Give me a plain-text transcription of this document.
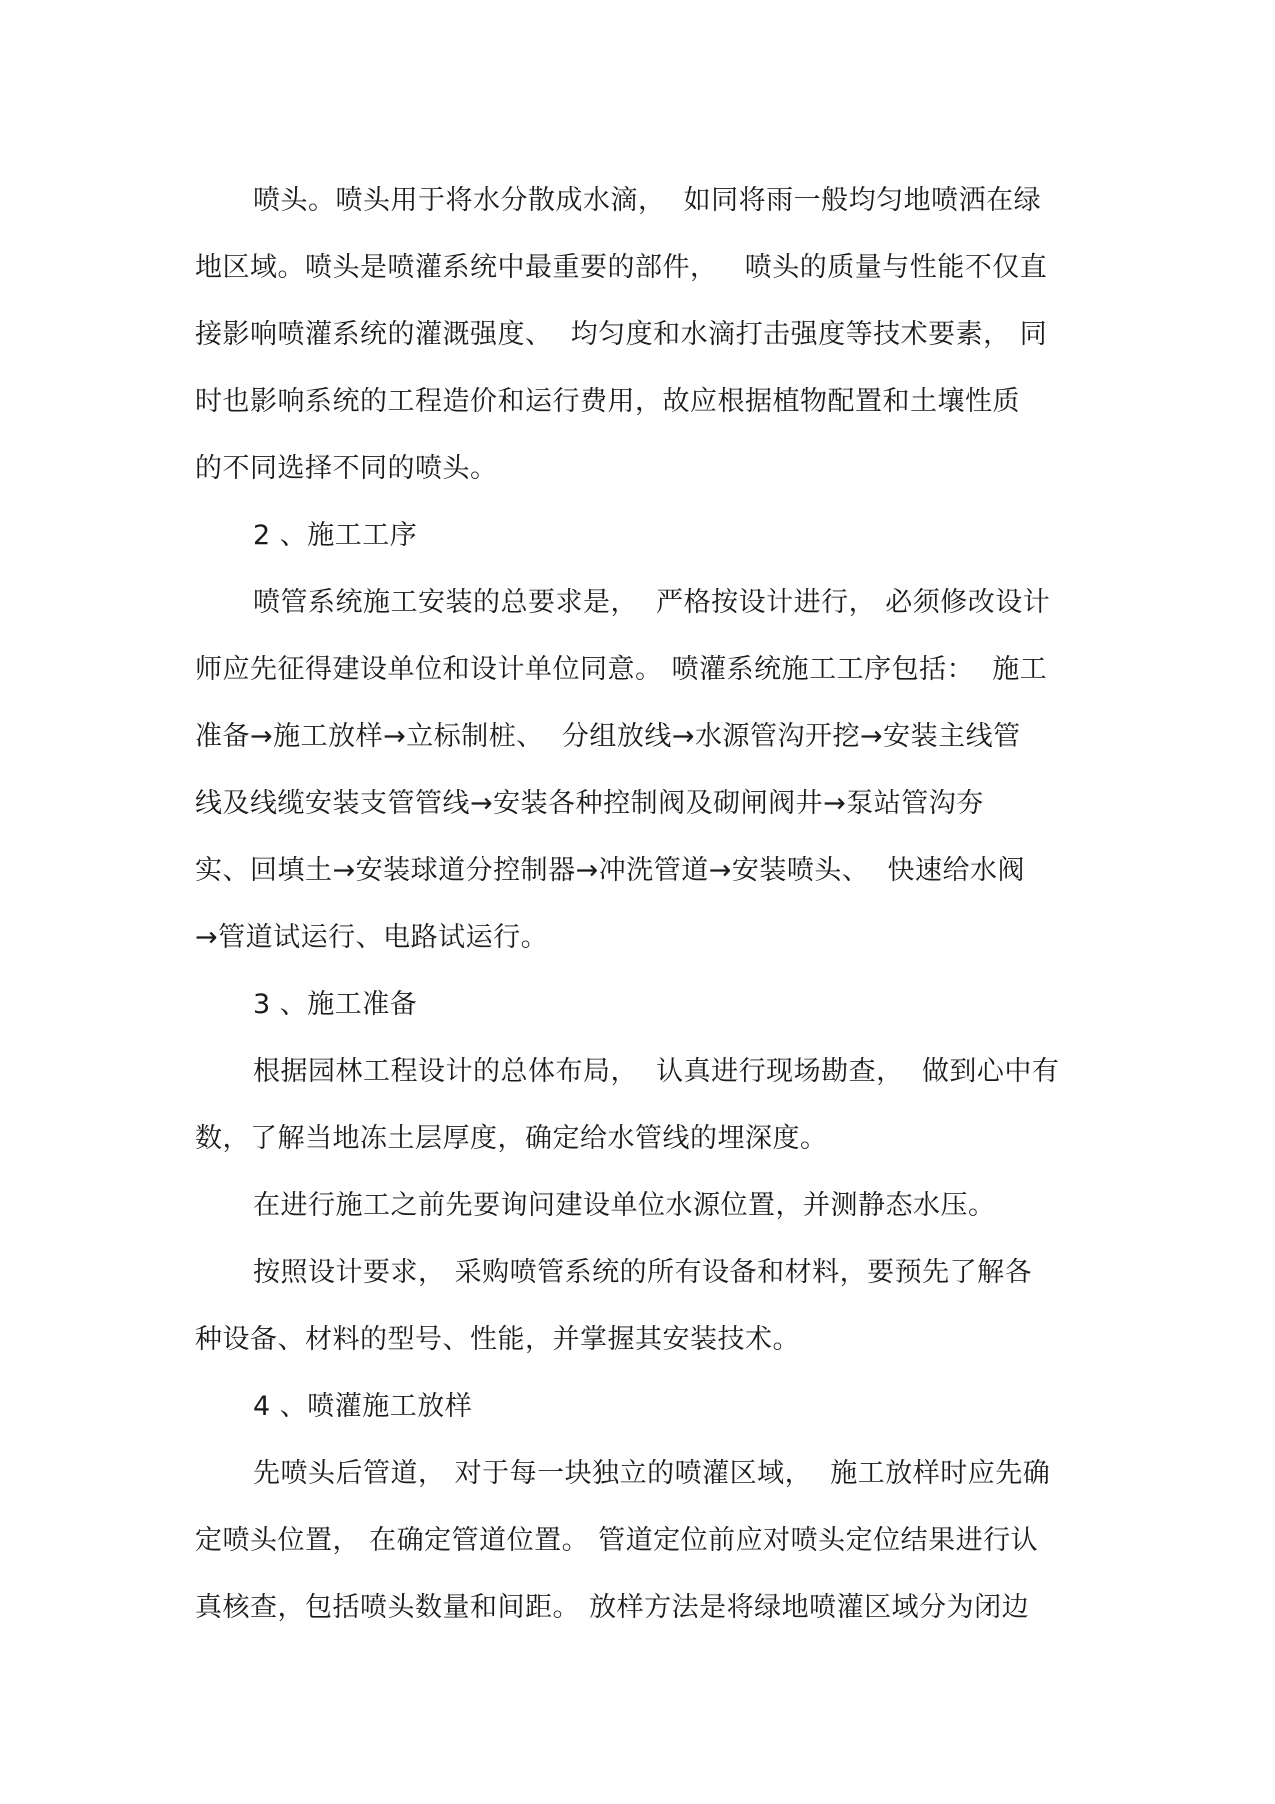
喷头。喷头用于将水分散成水滴，  如同将雨一般均匀地喷洒在绿
地区域。喷头是喷灌系统中最重要的部件，   喷头的质量与性能不仅直
接影响喷灌系统的灌溉强度、  均匀度和水滴打击强度等技术要素， 同
时也影响系统的工程造价和运行费用，故应根据植物配置和土壤性质
的不同选择不同的喷头。
2 、施工工序
喷管系统施工安装的总要求是，  严格按设计进行， 必须修改设计
师应先征得建设单位和设计单位同意。 喷灌系统施工工序包括：  施工
准备→施工放样→立标制桩、  分组放线→水源管沟开挖→安装主线管
线及线缆安装支管管线→安装各种控制阀及砌闸阀井→泵站管沟夯
实、回填土→安装球道分控制器→冲洗管道→安装喷头、  快速给水阀
→管道试运行、电路试运行。
3 、施工准备
根据园林工程设计的总体布局，  认真进行现场勘查，  做到心中有
数，了解当地冻土层厚度，确定给水管线的埋深度。
在进行施工之前先要询问建设单位水源位置，并测静态水压。
按照设计要求， 采购喷管系统的所有设备和材料，要预先了解各
种设备、材料的型号、性能，并掌握其安装技术。
4 、喷灌施工放样
先喷头后管道， 对于每一块独立的喷灌区域，  施工放样时应先确
定喷头位置， 在确定管道位置。 管道定位前应对喷头定位结果进行认
真核查，包括喷头数量和间距。 放样方法是将绿地喷灌区域分为闭边
